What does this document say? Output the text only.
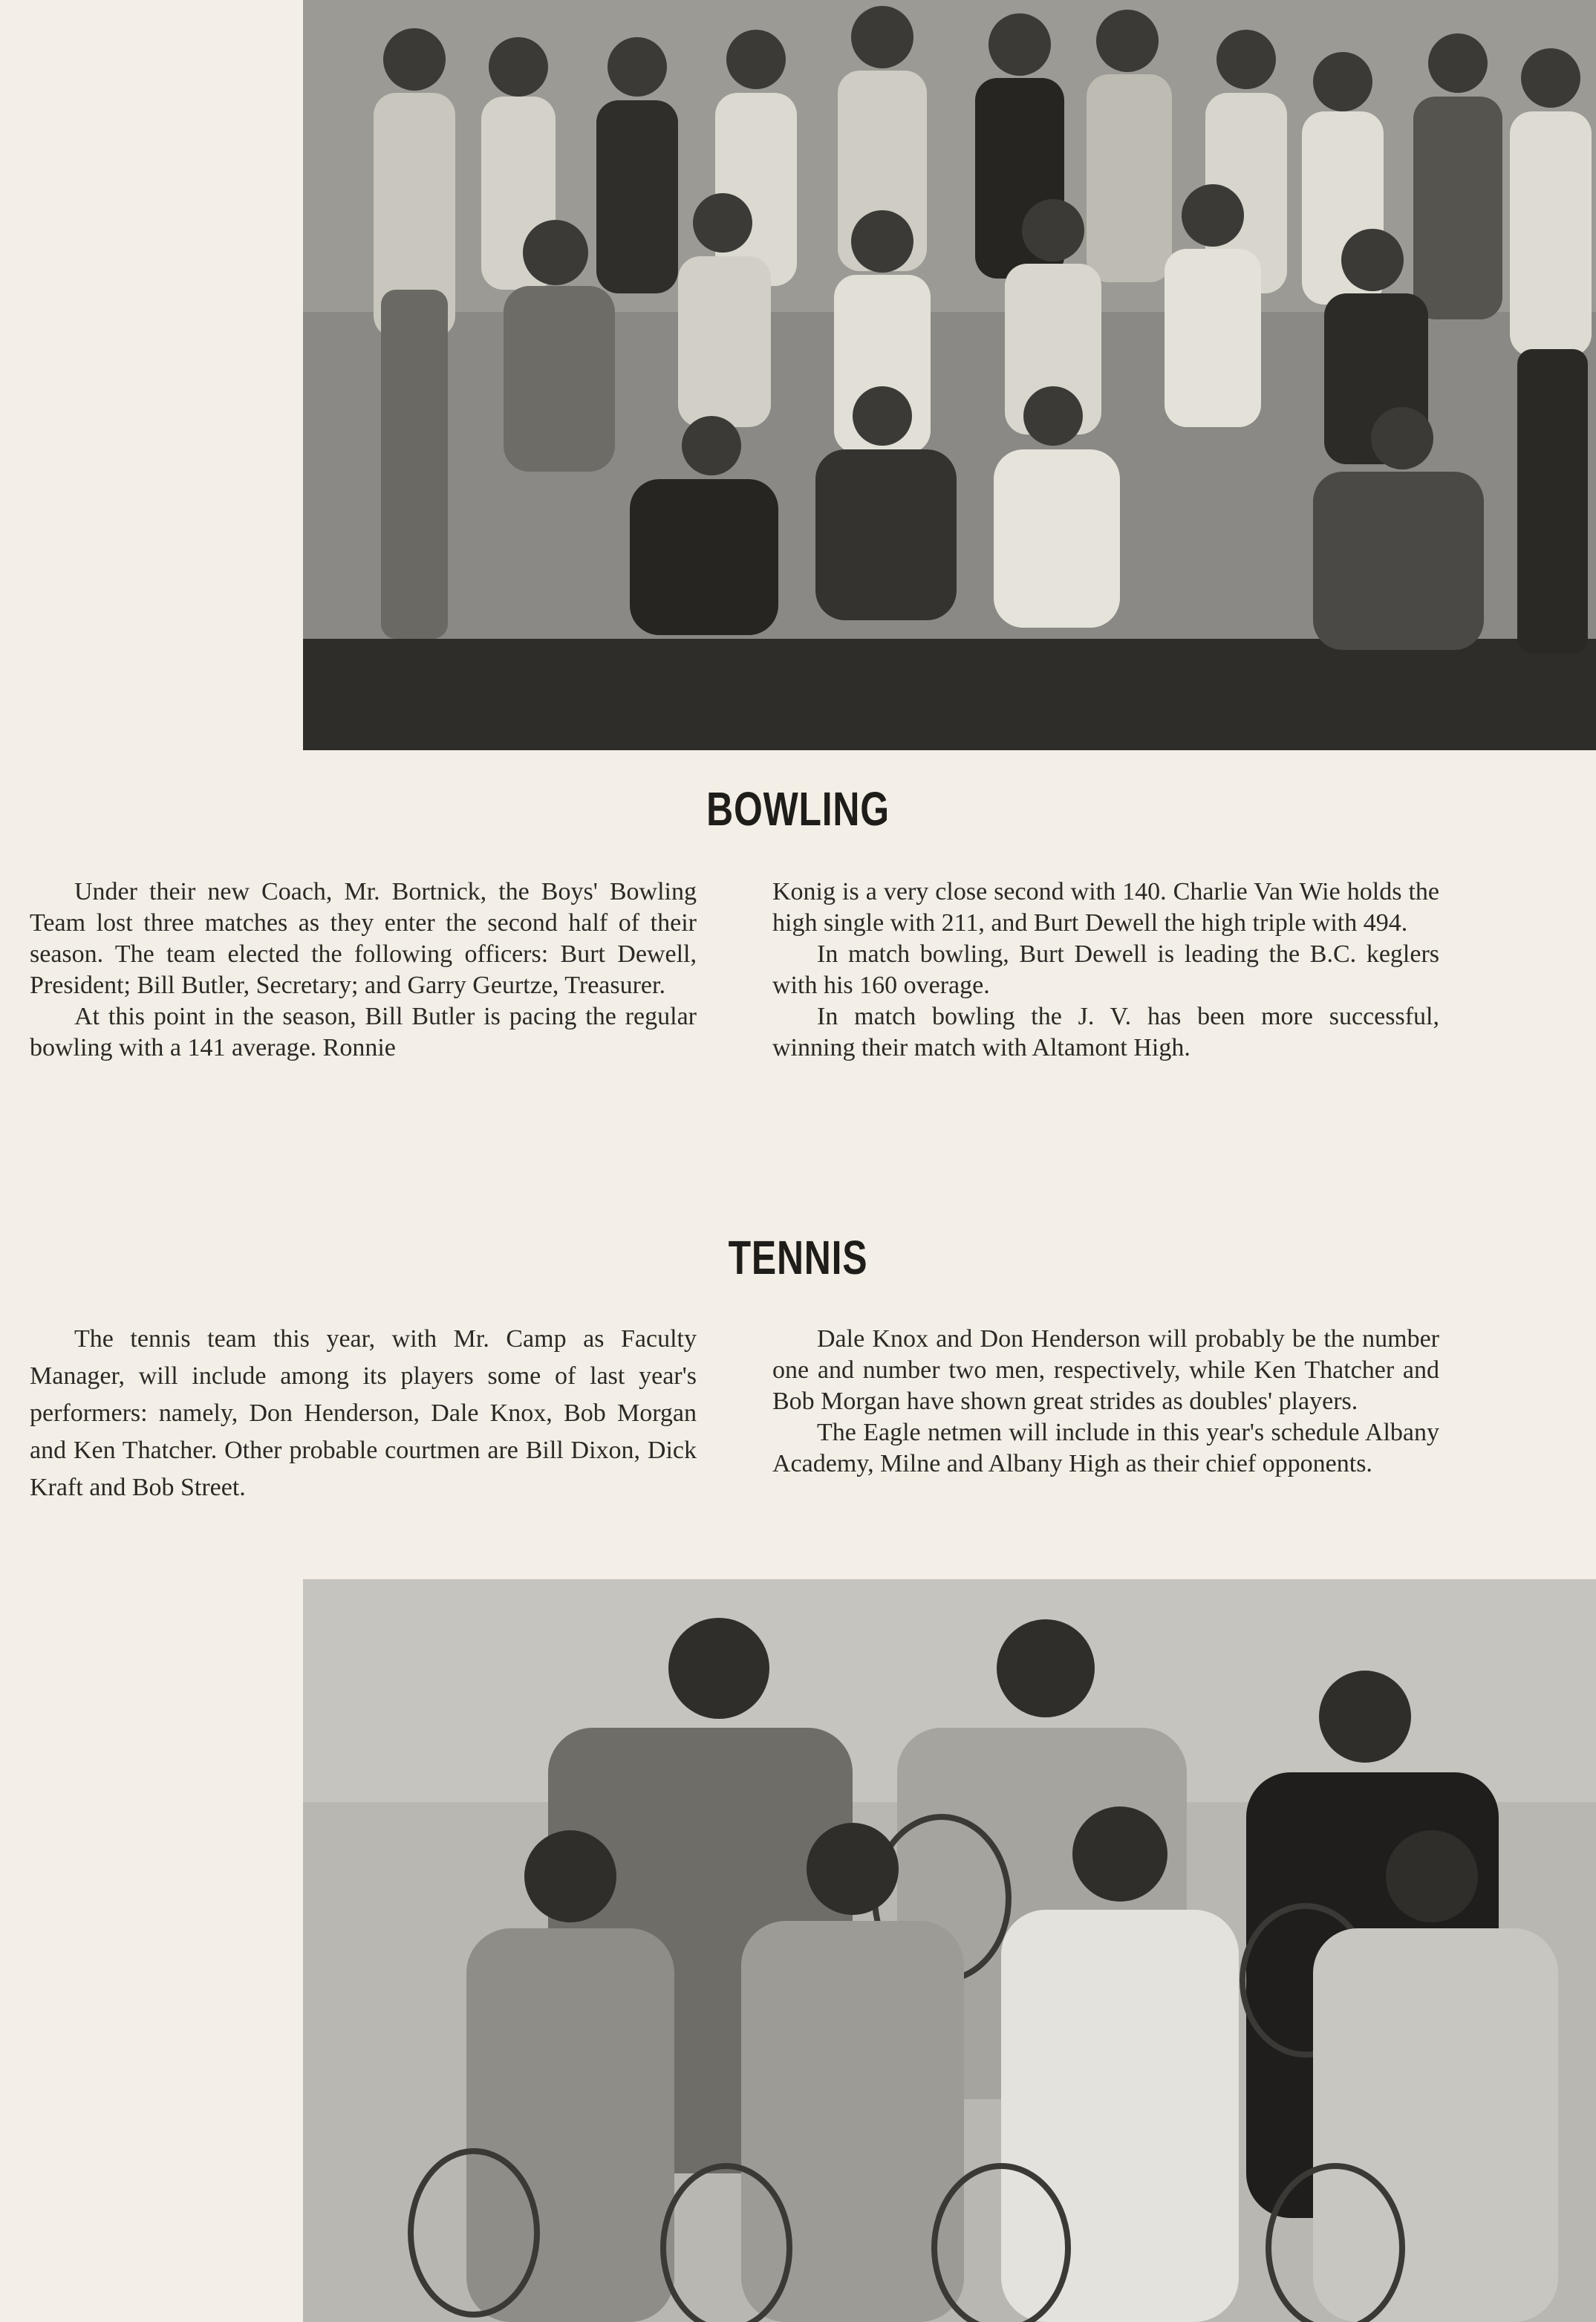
BOWLING

Under their new Coach, Mr. Bortnick, the Boys' Bowling Team lost three matches as they enter the second half of their season. The team elected the following officers: Burt Dewell, President; Bill Butler, Secretary; and Garry Geurtze, Treasurer.

At this point in the season, Bill Butler is pacing the regular bowling with a 141 average. Ronnie

Konig is a very close second with 140. Charlie Van Wie holds the high single with 211, and Burt Dewell the high triple with 494.

In match bowling, Burt Dewell is leading the B.C. keglers with his 160 overage.

In match bowling the J. V. has been more successful, winning their match with Altamont High.

TENNIS

The tennis team this year, with Mr. Camp as Faculty Manager, will include among its players some of last year's performers: namely, Don Henderson, Dale Knox, Bob Morgan and Ken Thatcher. Other probable courtmen are Bill Dixon, Dick Kraft and Bob Street.

Dale Knox and Don Henderson will probably be the number one and number two men, respectively, while Ken Thatcher and Bob Morgan have shown great strides as doubles' players.

The Eagle netmen will include in this year's schedule Albany Academy, Milne and Albany High as their chief opponents.
